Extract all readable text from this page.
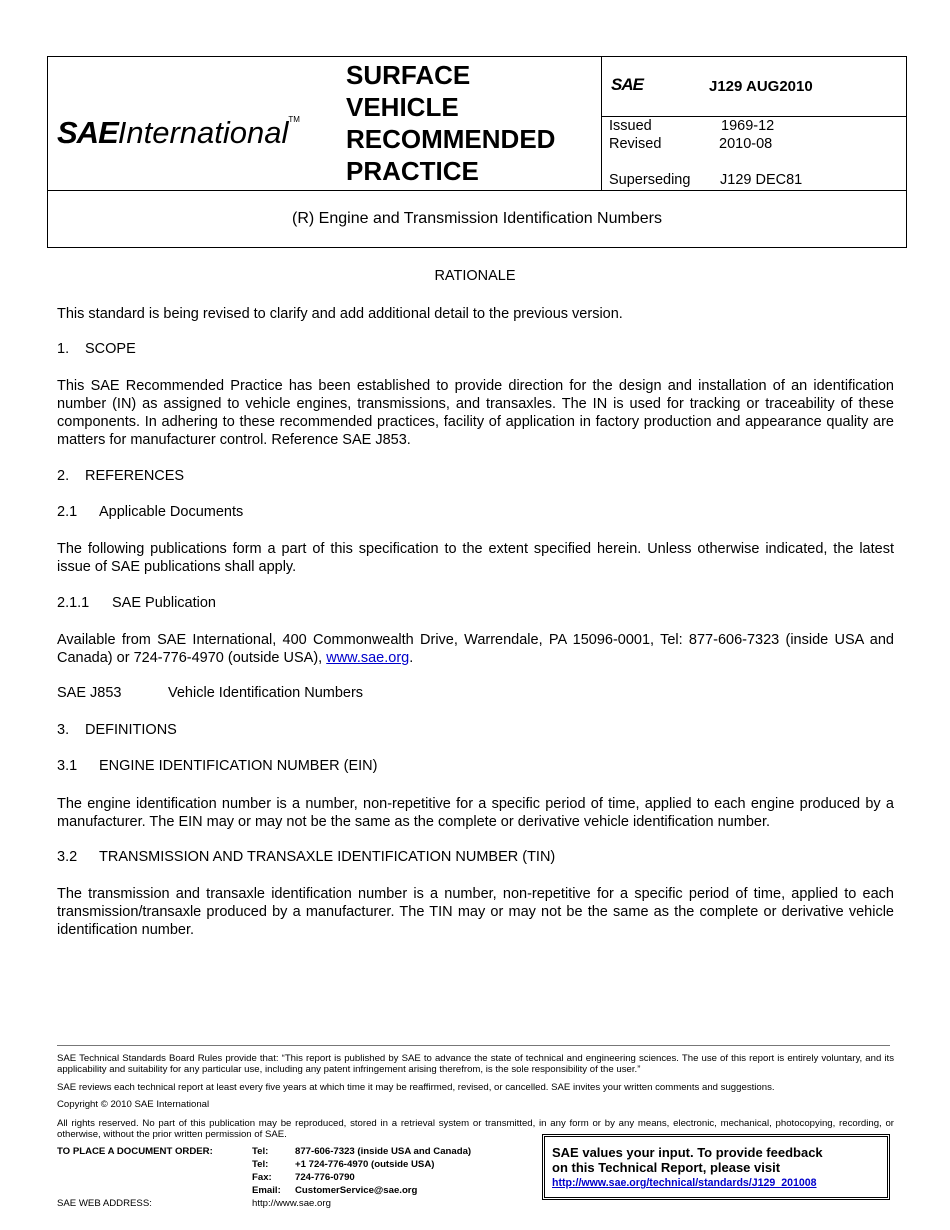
SAEInternational™
SURFACE
VEHICLE
RECOMMENDED
PRACTICE
SAE	J129 AUG2010
Issued	1969-12
Revised	2010-08
Superseding J129 DEC81
(R) Engine and Transmission Identification Numbers
RATIONALE
This standard is being revised to clarify and add additional detail to the previous version.
1. SCOPE
This SAE Recommended Practice has been established to provide direction for the design and installation of an identification number (IN) as assigned to vehicle engines, transmissions, and transaxles. The IN is used for tracking or traceability of these components. In adhering to these recommended practices, facility of application in factory production and appearance quality are matters for manufacturer control. Reference SAE J853.
2. REFERENCES
2.1 Applicable Documents
The following publications form a part of this specification to the extent specified herein. Unless otherwise indicated, the latest issue of SAE publications shall apply.
2.1.1 SAE Publication
Available from SAE International, 400 Commonwealth Drive, Warrendale, PA 15096-0001, Tel: 877-606-7323 (inside USA and Canada) or 724-776-4970 (outside USA), www.sae.org.
SAE J853	Vehicle Identification Numbers
3. DEFINITIONS
3.1 ENGINE IDENTIFICATION NUMBER (EIN)
The engine identification number is a number, non-repetitive for a specific period of time, applied to each engine produced by a manufacturer. The EIN may or may not be the same as the complete or derivative vehicle identification number.
3.2 TRANSMISSION AND TRANSAXLE IDENTIFICATION NUMBER (TIN)
The transmission and transaxle identification number is a number, non-repetitive for a specific period of time, applied to each transmission/transaxle produced by a manufacturer. The TIN may or may not be the same as the complete or derivative vehicle identification number.
SAE Technical Standards Board Rules provide that: “This report is published by SAE to advance the state of technical and engineering sciences. The use of this report is entirely voluntary, and its applicability and suitability for any particular use, including any patent infringement arising therefrom, is the sole responsibility of the user.”
SAE reviews each technical report at least every five years at which time it may be reaffirmed, revised, or cancelled. SAE invites your written comments and suggestions.
Copyright © 2010 SAE International
All rights reserved. No part of this publication may be reproduced, stored in a retrieval system or transmitted, in any form or by any means, electronic, mechanical, photocopying, recording, or otherwise, without the prior written permission of SAE.
TO PLACE A DOCUMENT ORDER:	Tel:	877-606-7323 (inside USA and Canada)
Tel:	+1 724-776-4970 (outside USA)
Fax: 724-776-0790
Email: CustomerService@sae.org
SAE WEB ADDRESS:	http://www.sae.org
SAE values your input. To provide feedback
on this Technical Report, please visit
http://www.sae.org/technical/standards/J129_201008
